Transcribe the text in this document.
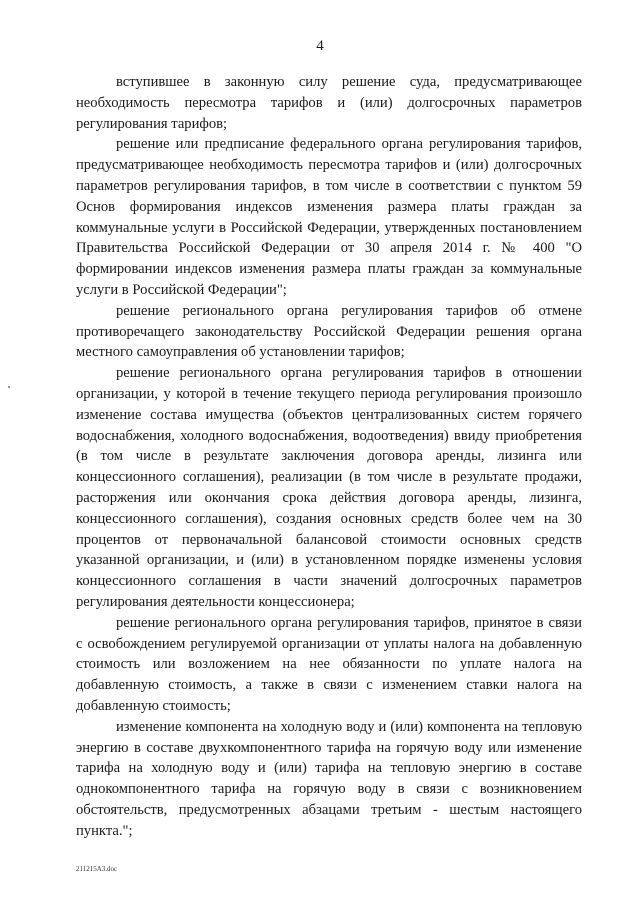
4

вступившее в законную силу решение суда, предусматривающее необходимость пересмотра тарифов и (или) долгосрочных параметров регулирования тарифов;

решение или предписание федерального органа регулирования тарифов, предусматривающее необходимость пересмотра тарифов и (или) долгосрочных параметров регулирования тарифов, в том числе в соответствии с пунктом 59 Основ формирования индексов изменения размера платы граждан за коммунальные услуги в Российской Федерации, утвержденных постановлением Правительства Российской Федерации от 30 апреля 2014 г. № 400 "О формировании индексов изменения размера платы граждан за коммунальные услуги в Российской Федерации";

решение регионального органа регулирования тарифов об отмене противоречащего законодательству Российской Федерации решения органа местного самоуправления об установлении тарифов;

решение регионального органа регулирования тарифов в отношении организации, у которой в течение текущего периода регулирования произошло изменение состава имущества (объектов централизованных систем горячего водоснабжения, холодного водоснабжения, водоотведения) ввиду приобретения (в том числе в результате заключения договора аренды, лизинга или концессионного соглашения), реализации (в том числе в результате продажи, расторжения или окончания срока действия договора аренды, лизинга, концессионного соглашения), создания основных средств более чем на 30 процентов от первоначальной балансовой стоимости основных средств указанной организации, и (или) в установленном порядке изменены условия концессионного соглашения в части значений долгосрочных параметров регулирования деятельности концессионера;

решение регионального органа регулирования тарифов, принятое в связи с освобождением регулируемой организации от уплаты налога на добавленную стоимость или возложением на нее обязанности по уплате налога на добавленную стоимость, а также в связи с изменением ставки налога на добавленную стоимость;

изменение компонента на холодную воду и (или) компонента на тепловую энергию в составе двухкомпонентного тарифа на горячую воду или изменение тарифа на холодную воду и (или) тарифа на тепловую энергию в составе однокомпонентного тарифа на горячую воду в связи с возникновением обстоятельств, предусмотренных абзацами третьим - шестым настоящего пункта.";

211215A3.doc
